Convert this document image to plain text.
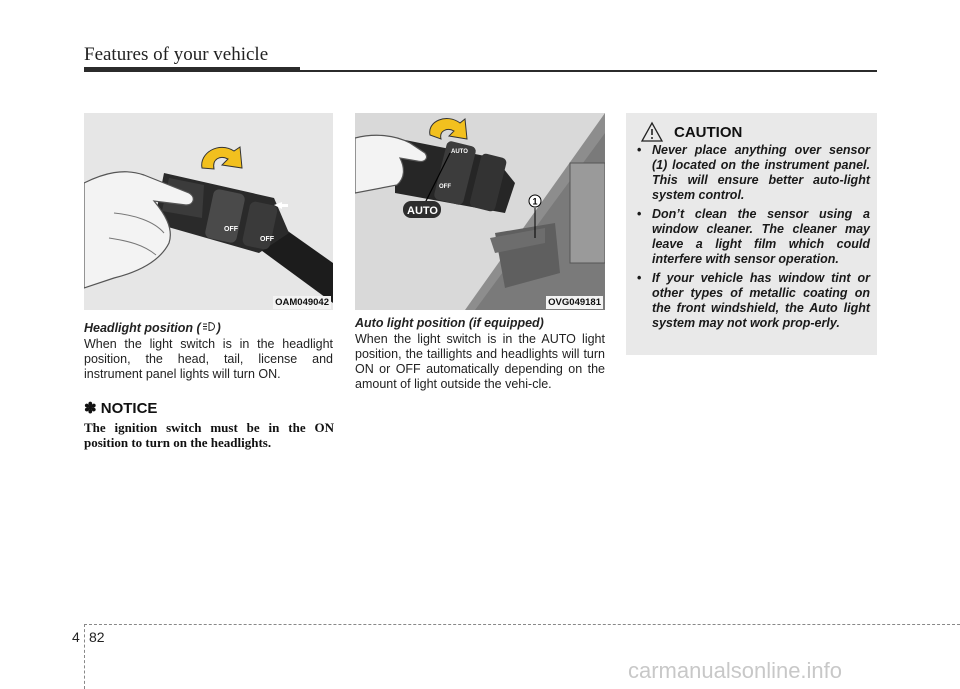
Features of your vehicle
OFF
OFF
OAM049042
1
AUTO
OFF
AUTO
OVG049181
Headlight position ( )
When the light switch is in the headlight position, the head, tail, license and instrument panel lights will turn ON.
✽ NOTICE
The ignition switch must be in the ON position to turn on the headlights.
Auto light position (if equipped)
When the light switch is in the AUTO light position, the taillights and headlights will turn ON or OFF automatically depending on the amount of light outside the vehi-cle.
CAUTION
• Never place anything over sensor (1) located on the instrument panel. This will ensure better auto-light system control.
• Don’t clean the sensor using a window cleaner. The cleaner may leave a light film which could interfere with sensor operation.
• If your vehicle has window tint or other types of metallic coating on the front windshield, the Auto light system may not work prop-erly.
4 82
carmanualsonline.info
